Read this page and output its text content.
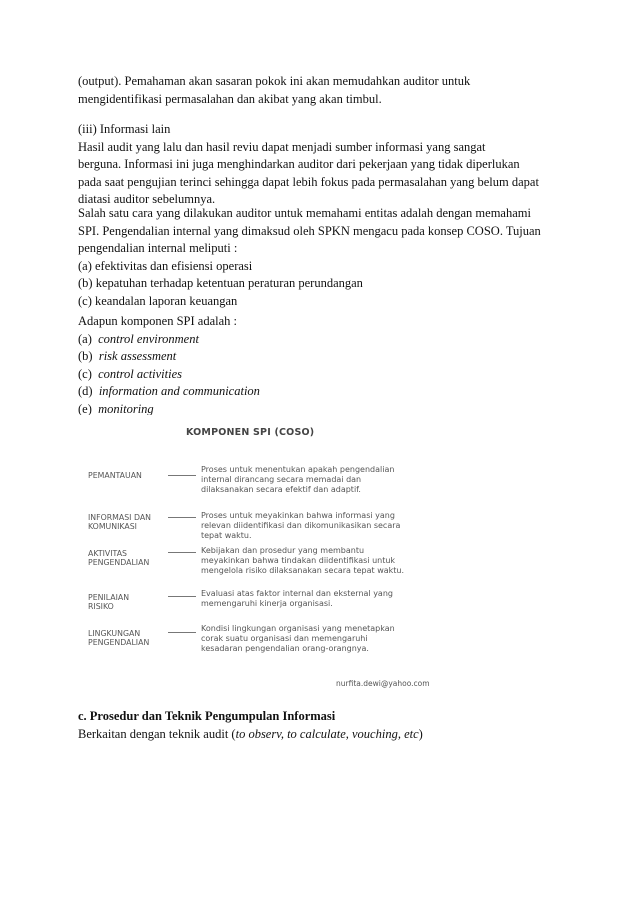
(output). Pemahaman akan sasaran pokok ini akan memudahkan auditor untuk
mengidentifikasi permasalahan dan akibat yang akan timbul.
(iii) Informasi lain
Hasil audit yang lalu dan hasil reviu dapat menjadi sumber informasi yang sangat
berguna. Informasi ini juga menghindarkan auditor dari pekerjaan yang tidak diperlukan
pada saat pengujian terinci sehingga dapat lebih fokus pada permasalahan yang belum dapat
diatasi auditor sebelumnya.
Salah satu cara yang dilakukan auditor untuk memahami entitas adalah dengan memahami
SPI. Pengendalian internal yang dimaksud oleh SPKN mengacu pada konsep COSO. Tujuan
pengendalian internal meliputi :
(a) efektivitas dan efisiensi operasi
(b) kepatuhan terhadap ketentuan peraturan perundangan
(c) keandalan laporan keuangan
Adapun komponen SPI adalah :
(a) control environment
(b) risk assessment
(c) control activities
(d) information and communication
(e) monitoring
KOMPONEN SPI (COSO)
PEMANTAUAN
Proses untuk menentukan apakah pengendalian
internal dirancang secara memadai dan
dilaksanakan secara efektif dan adaptif.
INFORMASI DAN
KOMUNIKASI
Proses untuk meyakinkan bahwa informasi yang
relevan diidentifikasi dan dikomunikasikan secara
tepat waktu.
AKTIVITAS
PENGENDALIAN
Kebijakan dan prosedur yang membantu
meyakinkan bahwa tindakan diidentifikasi untuk
mengelola risiko dilaksanakan secara tepat waktu.
PENILAIAN
RISIKO
Evaluasi atas faktor internal dan eksternal yang
memengaruhi kinerja organisasi.
LINGKUNGAN
PENGENDALIAN
Kondisi lingkungan organisasi yang menetapkan
corak suatu organisasi dan memengaruhi
kesadaran pengendalian orang-orangnya.
nurfita.dewi@yahoo.com
c. Prosedur dan Teknik Pengumpulan Informasi
Berkaitan dengan teknik audit (to observ, to calculate, vouching, etc)
